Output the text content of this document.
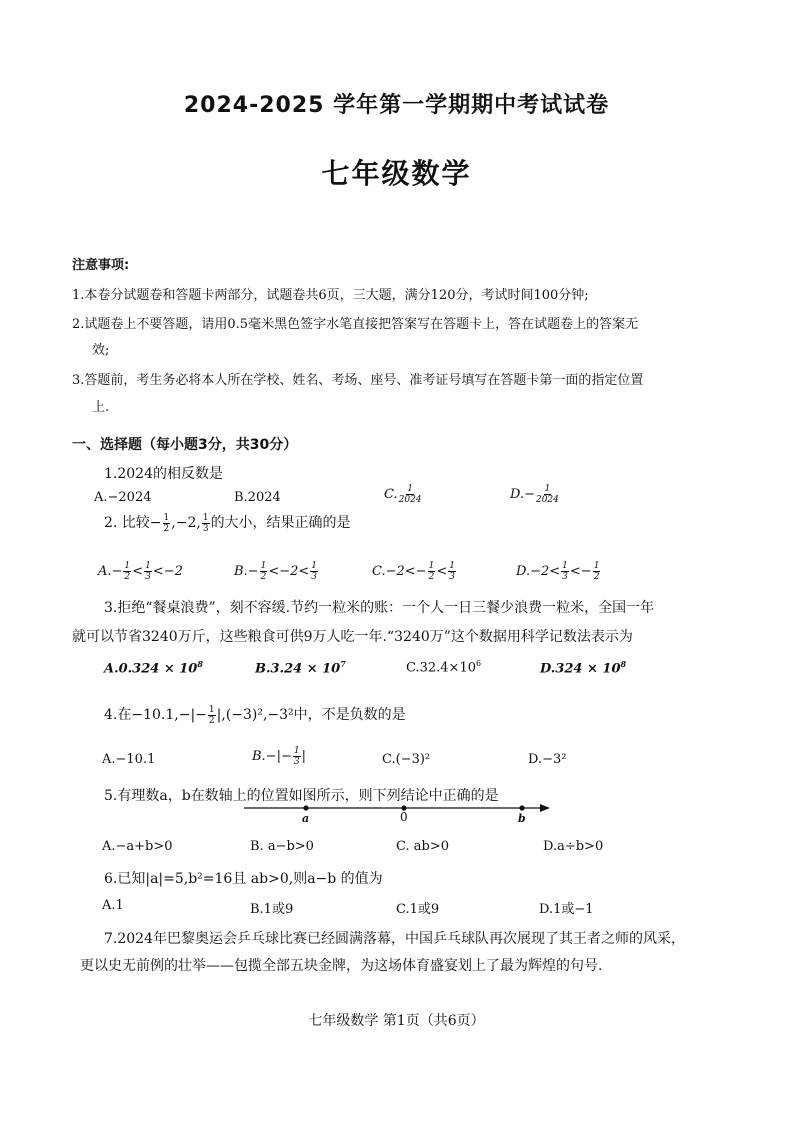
2024-2025 学年第一学期期中考试试卷
七年级数学
注意事项:
1.本卷分试题卷和答题卡两部分，试题卷共6页，三大题，满分120分，考试时间100分钟;
2.试题卷上不要答题，请用0.5毫米黑色签字水笔直接把答案写在答题卡上，答在试题卷上的答案无
效;
3.答题前，考生务必将本人所在学校、姓名、考场、座号、准考证号填写在答题卡第一面的指定位置
上.
一、选择题（每小题3分，共30分）
1.2024的相反数是
A.−2024	B.2024	C. $\frac{1}{2024}$	$D.- \frac{1}{2024}$
2. 比较− $\frac{1}{2} ,-2$, $\frac{1}{3}$ 的大小，结果正确的是
$A.- \frac{1}{2} < \frac{1}{3} <-2$	$B.- \frac{1}{2} <-2< \frac{1}{3}$	$C.-2<- \frac{1}{2} < \frac{1}{3}$	$D.-2< \frac{1}{3} <- \frac{1}{2}$
3.拒绝“餐桌浪费”，刻不容缓.节约一粒米的账：一个人一日三餐少浪费一粒米，全国一年
就可以节省3240万斤，这些粮食可供9万人吃一年.“3240万”这个数据用科学记数法表示为
$A.0.324 \times 10^8$	$B.3.24 \times 10^7$	$C.32.4\times 10^6$	$D.324 \times 10^8$
4.在$-10.1,-|- \frac{1}{2} |,(-3)^2,-3^2$中，不是负数的是
A.−10.1	$B.-|- \frac{1}{3}$ |	C.(−3)²	D.−3²
5.有理数a，b在数轴上的位置如图所示，则下列结论中正确的是
a	0	b
A.−a+b>0	B. a−b>0	C. ab>0	D.a÷b>0
6.已知|a|=5,b²=16且 ab>0,则a−b 的值为
A.1	B.1或9	C.1或9	D.1或−1
7.2024年巴黎奥运会乒乓球比赛已经圆满落幕，中国乒乓球队再次展现了其王者之师的风采，
更以史无前例的壮举——包揽全部五块金牌，为这场体育盛宴划上了最为辉煌的句号.
七年级数学 第1页（共6页）
